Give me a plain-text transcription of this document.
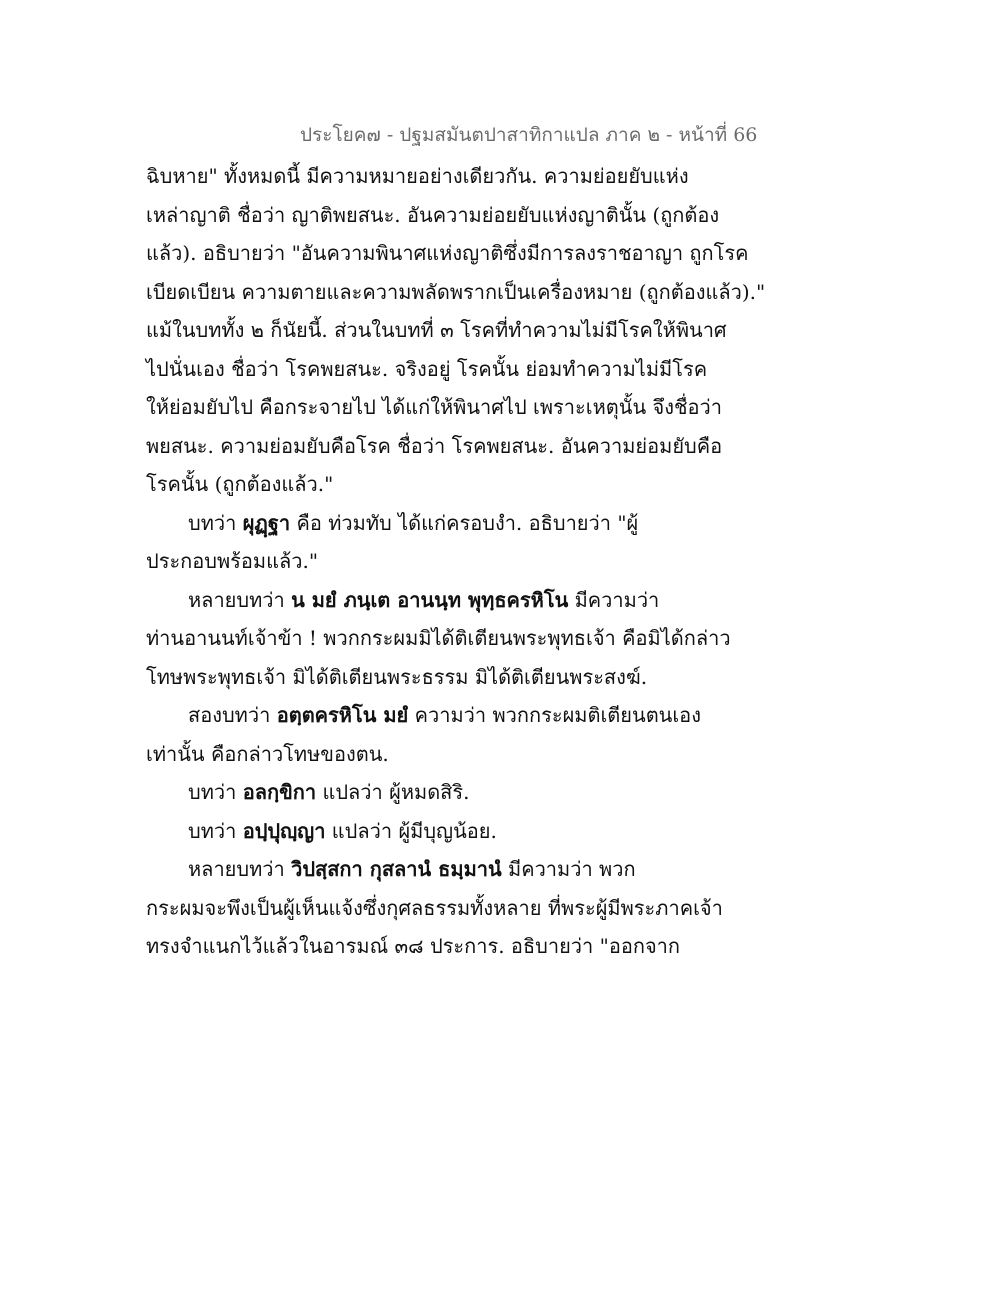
ประโยค๗ - ปฐมสมันตปาสาทิกาแปล ภาค ๒ - หน้าที่ 66
ฉิบหาย" ทั้งหมดนี้ มีความหมายอย่างเดียวกัน. ความย่อยยับแห่ง
เหล่าญาติ ชื่อว่า ญาติพยสนะ. อันความย่อยยับแห่งญาตินั้น (ถูกต้อง
แล้ว). อธิบายว่า "อันความพินาศแห่งญาติซึ่งมีการลงราชอาญา ถูกโรค
เบียดเบียน ความตายและความพลัดพรากเป็นเครื่องหมาย (ถูกต้องแล้ว)."
แม้ในบททั้ง ๒ ก็นัยนี้. ส่วนในบทที่ ๓ โรคที่ทำความไม่มีโรคให้พินาศ
ไปนั่นเอง ชื่อว่า โรคพยสนะ. จริงอยู่ โรคนั้น ย่อมทำความไม่มีโรค
ให้ย่อมยับไป คือกระจายไป ได้แก่ให้พินาศไป เพราะเหตุนั้น จึงชื่อว่า
พยสนะ. ความย่อมยับคือโรค ชื่อว่า โรคพยสนะ. อันความย่อมยับคือ
โรคนั้น (ถูกต้องแล้ว."
บทว่า ผุฏฺฐา คือ ท่วมทับ ได้แก่ครอบงำ. อธิบายว่า "ผู้
ประกอบพร้อมแล้ว."
หลายบทว่า น มยํ ภนฺเต อานนฺท พุทฺธครหิโน มีความว่า
ท่านอานนท์เจ้าข้า ! พวกกระผมมิได้ติเตียนพระพุทธเจ้า คือมิได้กล่าว
โทษพระพุทธเจ้า มิได้ติเตียนพระธรรม มิได้ติเตียนพระสงฆ์.
สองบทว่า อตฺตครหิโน มยํ ความว่า พวกกระผมติเตียนตนเอง
เท่านั้น คือกล่าวโทษของตน.
บทว่า อลกฺขิกา แปลว่า ผู้หมดสิริ.
บทว่า อปฺปุญฺญา แปลว่า ผู้มีบุญน้อย.
หลายบทว่า วิปสฺสกา กุสลานํ ธมฺมานํ มีความว่า พวก
กระผมจะพึงเป็นผู้เห็นแจ้งซึ่งกุศลธรรมทั้งหลาย ที่พระผู้มีพระภาคเจ้า
ทรงจำแนกไว้แล้วในอารมณ์ ๓๘ ประการ. อธิบายว่า "ออกจาก
